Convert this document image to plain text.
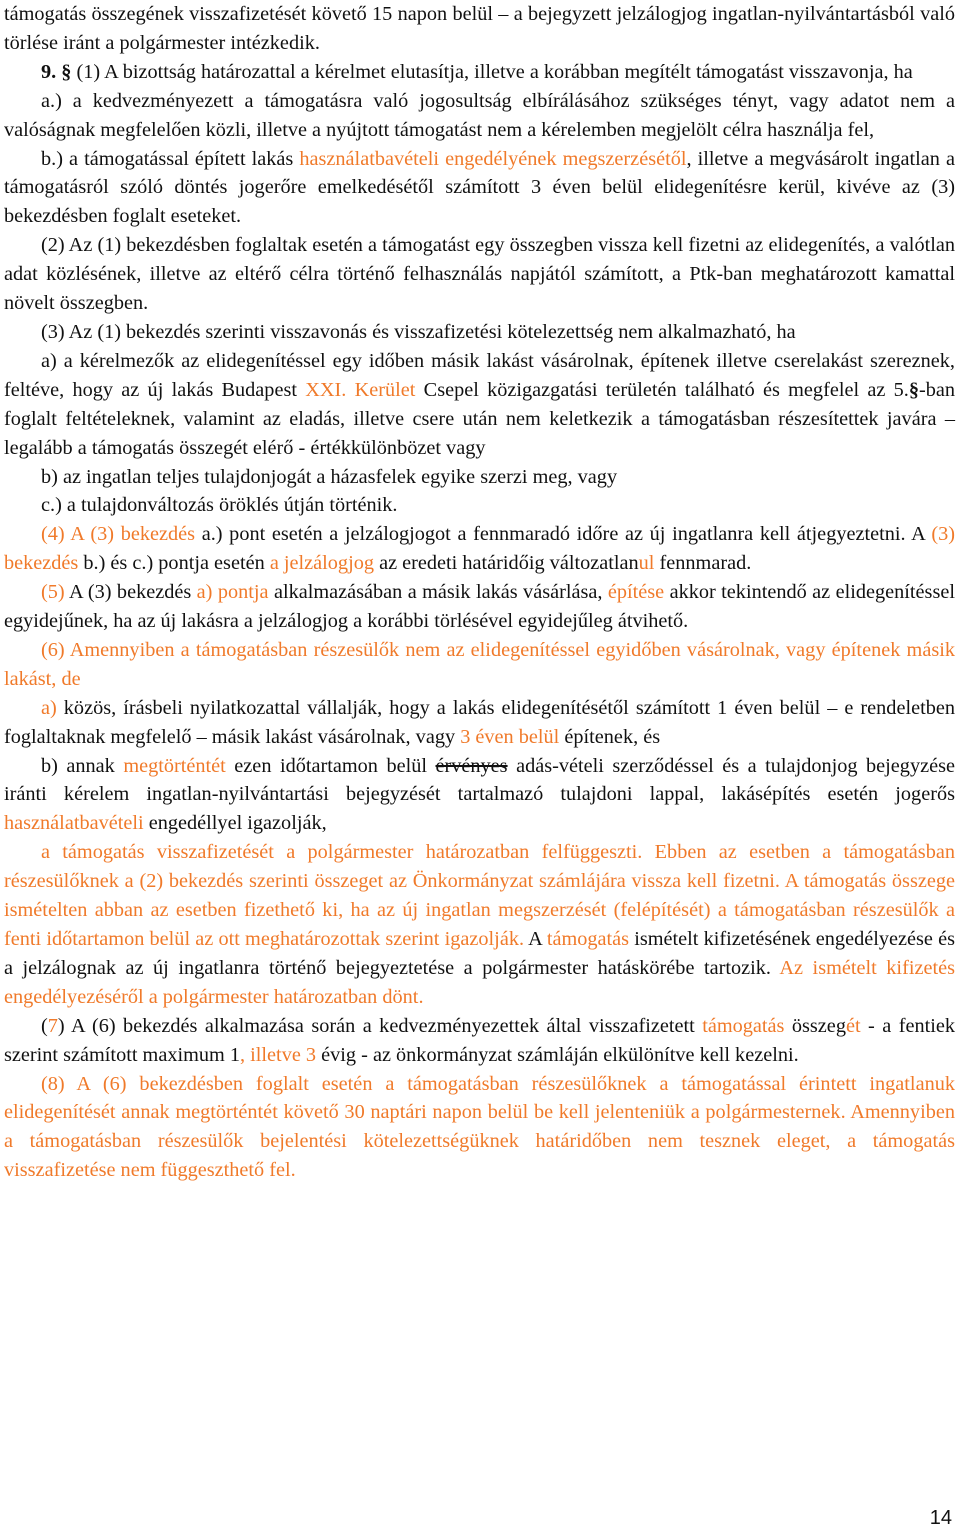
támogatás összegének visszafizetését követő 15 napon belül – a bejegyzett jelzálogjog ingatlan-nyilvántartásból való törlése iránt a polgármester intézkedik.

9. § (1) A bizottság határozattal a kérelmet elutasítja, illetve a korábban megítélt támogatást visszavonja, ha

a.) a kedvezményezett a támogatásra való jogosultság elbírálásához szükséges tényt, vagy adatot nem a valóságnak megfelelően közli, illetve a nyújtott támogatást nem a kérelemben megjelölt célra használja fel,

b.) a támogatással épített lakás használatbavételi engedélyének megszerzésétől, illetve a megvásárolt ingatlan a támogatásról szóló döntés jogerőre emelkedésétől számított 3 éven belül elidegenítésre kerül, kivéve az (3) bekezdésben foglalt eseteket.

(2) Az (1) bekezdésben foglaltak esetén a támogatást egy összegben vissza kell fizetni az elidegenítés, a valótlan adat közlésének, illetve az eltérő célra történő felhasználás napjától számított, a Ptk-ban meghatározott kamattal növelt összegben.

(3) Az (1) bekezdés szerinti visszavonás és visszafizetési kötelezettség nem alkalmazható, ha

a) a kérelmezők az elidegenítéssel egy időben másik lakást vásárolnak, építenek illetve cserelakást szereznek, feltéve, hogy az új lakás Budapest XXI. Kerület Csepel közigazgatási területén található és megfelel az 5.§-ban foglalt feltételeknek, valamint az eladás, illetve csere után nem keletkezik a támogatásban részesítettek javára – legalább a támogatás összegét elérő - értékkülönbözet vagy

b) az ingatlan teljes tulajdonjogát a házasfelek egyike szerzi meg, vagy

c.) a tulajdonváltozás öröklés útján történik.

(4) A (3) bekezdés a.) pont esetén a jelzálogjogot a fennmaradó időre az új ingatlanra kell átjegyeztetni. A (3) bekezdés b.) és c.) pontja esetén a jelzálogjog az eredeti határidőig változatlanul fennmarad.

(5) A (3) bekezdés a) pontja alkalmazásában a másik lakás vásárlása, építése akkor tekintendő az elidegenítéssel egyidejűnek, ha az új lakásra a jelzálogjog a korábbi törlésével egyidejűleg átvihető.

(6) Amennyiben a támogatásban részesülők nem az elidegenítéssel egyidőben vásárolnak, vagy építenek másik lakást, de

a) közös, írásbeli nyilatkozattal vállalják, hogy a lakás elidegenítésétől számított 1 éven belül – e rendeletben foglaltaknak megfelelő – másik lakást vásárolnak, vagy 3 éven belül építenek, és

b) annak megtörténtét ezen időtartamon belül érvényes adás-vételi szerződéssel és a tulajdonjog bejegyzése iránti kérelem ingatlan-nyilvántartási bejegyzését tartalmazó tulajdoni lappal, lakásépítés esetén jogerős használatbavételi engedéllyel igazolják,

a támogatás visszafizetését a polgármester határozatban felfüggeszti. Ebben az esetben a támogatásban részesülőknek a (2) bekezdés szerinti összeget az Önkormányzat számlájára vissza kell fizetni. A támogatás összege ismételten abban az esetben fizethető ki, ha az új ingatlan megszerzését (felépítését) a támogatásban részesülők a fenti időtartamon belül az ott meghatározottak szerint igazolják. A támogatás ismételt kifizetésének engedélyezése és a jelzálognak az új ingatlanra történő bejegyeztetése a polgármester hatáskörébe tartozik. Az ismételt kifizetés engedélyezéséről a polgármester határozatban dönt.

(7) A (6) bekezdés alkalmazása során a kedvezményezettek által visszafizetett támogatás összegét - a fentiek szerint számított maximum 1, illetve 3 évig - az önkormányzat számláján elkülönítve kell kezelni.

(8) A (6) bekezdésben foglalt esetén a támogatásban részesülőknek a támogatással érintett ingatlanuk elidegenítését annak megtörténtét követő 30 naptári napon belül be kell jelenteniük a polgármesternek. Amennyiben a támogatásban részesülők bejelentési kötelezettségüknek határidőben nem tesznek eleget, a támogatás visszafizetése nem függeszthető fel.

14
